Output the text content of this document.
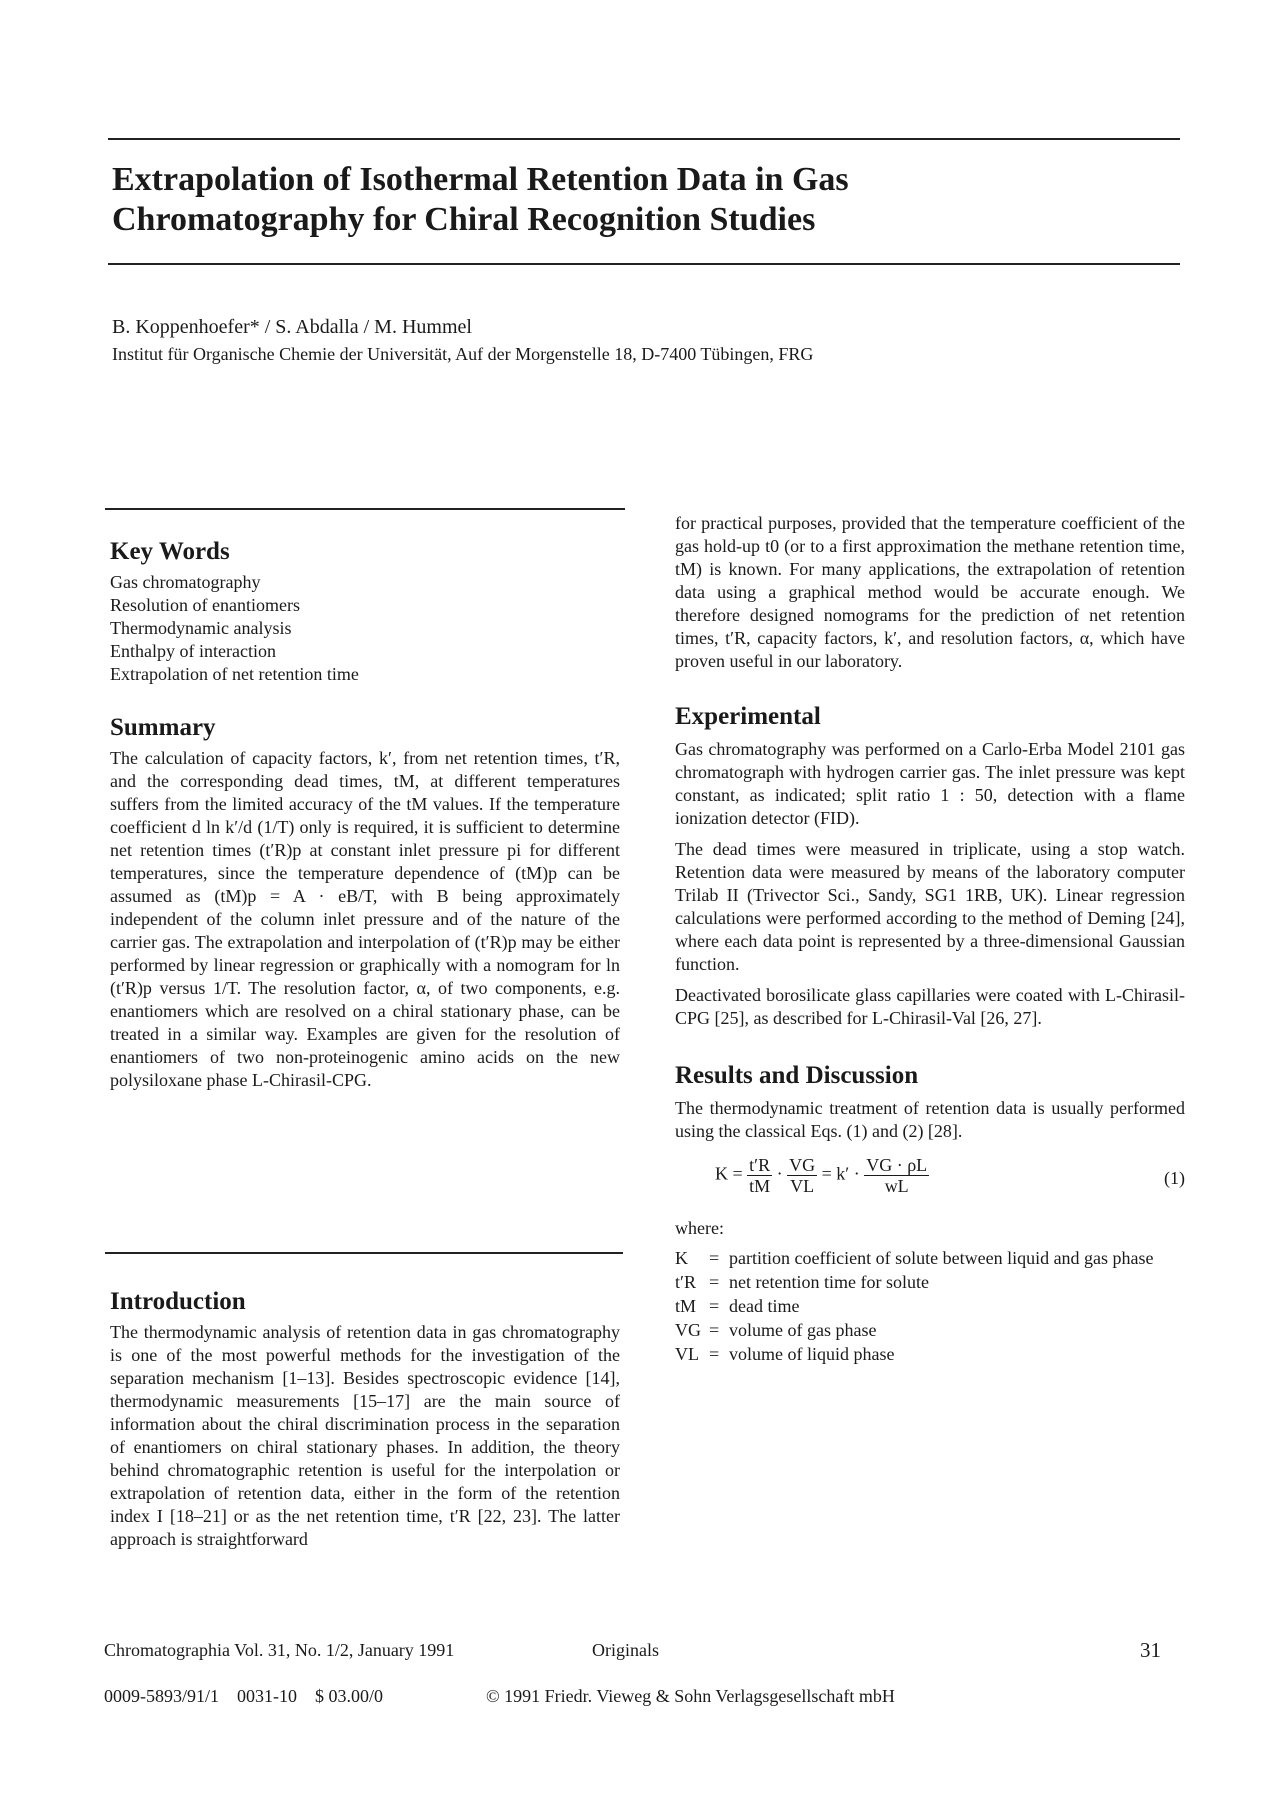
Extrapolation of Isothermal Retention Data in Gas
Chromatography for Chiral Recognition Studies

B. Koppenhoefer* / S. Abdalla / M. Hummel

Institut für Organische Chemie der Universität, Auf der Morgenstelle 18, D-7400 Tübingen, FRG

Key Words
Gas chromatography
Resolution of enantiomers
Thermodynamic analysis
Enthalpy of interaction
Extrapolation of net retention time
Summary

The calculation of capacity factors, k′, from net retention times, t′R, and the corresponding dead times, tM, at different temperatures suffers from the limited accuracy of the tM values. If the temperature coefficient d ln k′/d (1/T) only is required, it is sufficient to determine net retention times (t′R)p at constant inlet pressure pi for different temperatures, since the temperature dependence of (tM)p can be assumed as (tM)p = A · eB/T, with B being approximately independent of the column inlet pressure and of the nature of the carrier gas. The extrapolation and interpolation of (t′R)p may be either performed by linear regression or graphically with a nomogram for ln (t′R)p versus 1/T. The resolution factor, α, of two components, e.g. enantiomers which are resolved on a chiral stationary phase, can be treated in a similar way. Examples are given for the resolution of enantiomers of two non-proteinogenic amino acids on the new polysiloxane phase L-Chirasil-CPG.

Introduction

The thermodynamic analysis of retention data in gas chromatography is one of the most powerful methods for the investigation of the separation mechanism [1–13]. Besides spectroscopic evidence [14], thermodynamic measurements [15–17] are the main source of information about the chiral discrimination process in the separation of enantiomers on chiral stationary phases. In addition, the theory behind chromatographic retention is useful for the interpolation or extrapolation of retention data, either in the form of the retention index I [18–21] or as the net retention time, t′R [22, 23]. The latter approach is straightforward

for practical purposes, provided that the temperature coefficient of the gas hold-up t0 (or to a first approximation the methane retention time, tM) is known. For many applications, the extrapolation of retention data using a graphical method would be accurate enough. We therefore designed nomograms for the prediction of net retention times, t′R, capacity factors, k′, and resolution factors, α, which have proven useful in our laboratory.

Experimental

Gas chromatography was performed on a Carlo-Erba Model 2101 gas chromatograph with hydrogen carrier gas. The inlet pressure was kept constant, as indicated; split ratio 1 : 50, detection with a flame ionization detector (FID).

The dead times were measured in triplicate, using a stop watch. Retention data were measured by means of the laboratory computer Trilab II (Trivector Sci., Sandy, SG1 1RB, UK). Linear regression calculations were performed according to the method of Deming [24], where each data point is represented by a three-dimensional Gaussian function.

Deactivated borosilicate glass capillaries were coated with L-Chirasil-CPG [25], as described for L-Chirasil-Val [26, 27].

Results and Discussion

The thermodynamic treatment of retention data is usually performed using the classical Eqs. (1) and (2) [28].

$K = \frac{t'R}{tM} \cdot \frac{VG}{VL} = k' \cdot \frac{VG \cdot \rho L}{wL}$	(1)
where:
K	= partition coefficient of solute between liquid and gas phase
t′R = net retention time for solute
tM = dead time
VG = volume of gas phase
VL = volume of liquid phase

Chromatographia Vol. 31, No. 1/2, January 1991	Originals	31

0009-5893/91/1    0031-10    $ 03.00/0	© 1991 Friedr. Vieweg & Sohn Verlagsgesellschaft mbH
